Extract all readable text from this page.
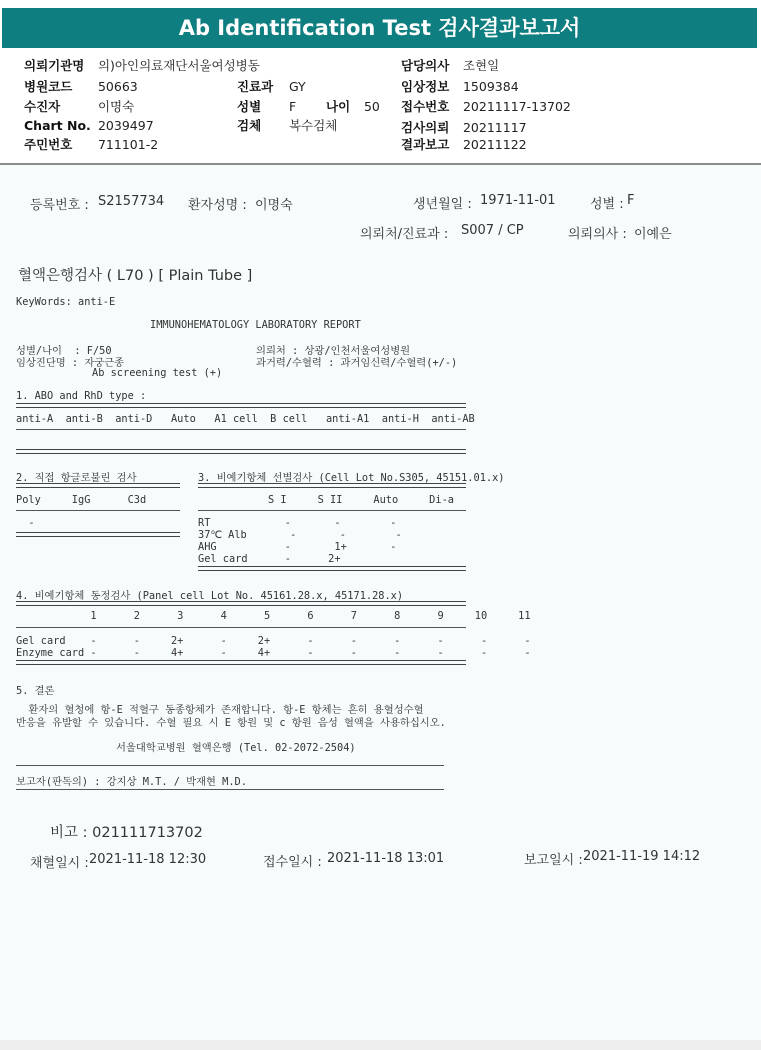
Ab Identification Test 검사결과보고서
의뢰기관명 의)아인의료재단서울여성병동	담당의사 조현일
병원코드 50663	진료과 GY	임상정보 1509384
수진자	이명숙	성별 F 나이 50 접수번호 20211117-13702
Chart No. 2039497	검체 복수검체	검사의뢰 20211117
주민번호 711101-2	결과보고 20211122
등록번호 : S2157734 환자성명 : 이명숙	생년월일 : 1971-11-01	성별 : F
의뢰처/진료과 : S007 / CP	의뢰의사 : 이예은
혈액은행검사 ( L70 ) [ Plain Tube ]
KeyWords: anti-E
IMMUNOHEMATOLOGY LABORATORY REPORT
성별/나이  : F/50	의뢰처 : 상광/인천서울여성병원
임상진단명 : 자궁근종	과거력/수혈력 : 과거임신력/수혈력(+/-)
Ab screening test (+)
1. ABO and RhD type :
anti-A  anti-B  anti-D   Auto   A1 cell  B cell   anti-A1  anti-H  anti-AB
2. 직접 항글로불린 검사	3. 비예기항체 선별검사 (Cell Lot No.S305, 45151.01.x)
Poly     IgG      C3d	S I     S II     Auto     Di-a
-	RT            -       -        -
37℃ Alb       -       -        -
AHG           -       1+       -
Gel card      -      2+
4. 비예기항체 동정검사 (Panel cell Lot No. 45161.28.x, 45171.28.x)
1      2      3      4      5      6      7      8      9     10     11
Gel card    -      -     2+      -     2+      -      -      -      -      -      -
Enzyme card -      -     4+      -     4+      -      -      -      -      -      -
5. 결론
환자의 혈청에 항-E 적혈구 동종항체가 존재합니다. 항-E 항체는 흔히 용혈성수혈
반응을 유발할 수 있습니다. 수혈 필요 시 E 항원 및 c 항원 음성 혈액을 사용하십시오.
서울대학교병원 혈액은행 (Tel. 02-2072-2504)
보고자(판독의) : 강지상 M.T. / 박재현 M.D.
비고 : 021111713702
채혈일시 : 2021-11-18 12:30	접수일시 : 2021-11-18 13:01	보고일시 : 2021-11-19 14:12
